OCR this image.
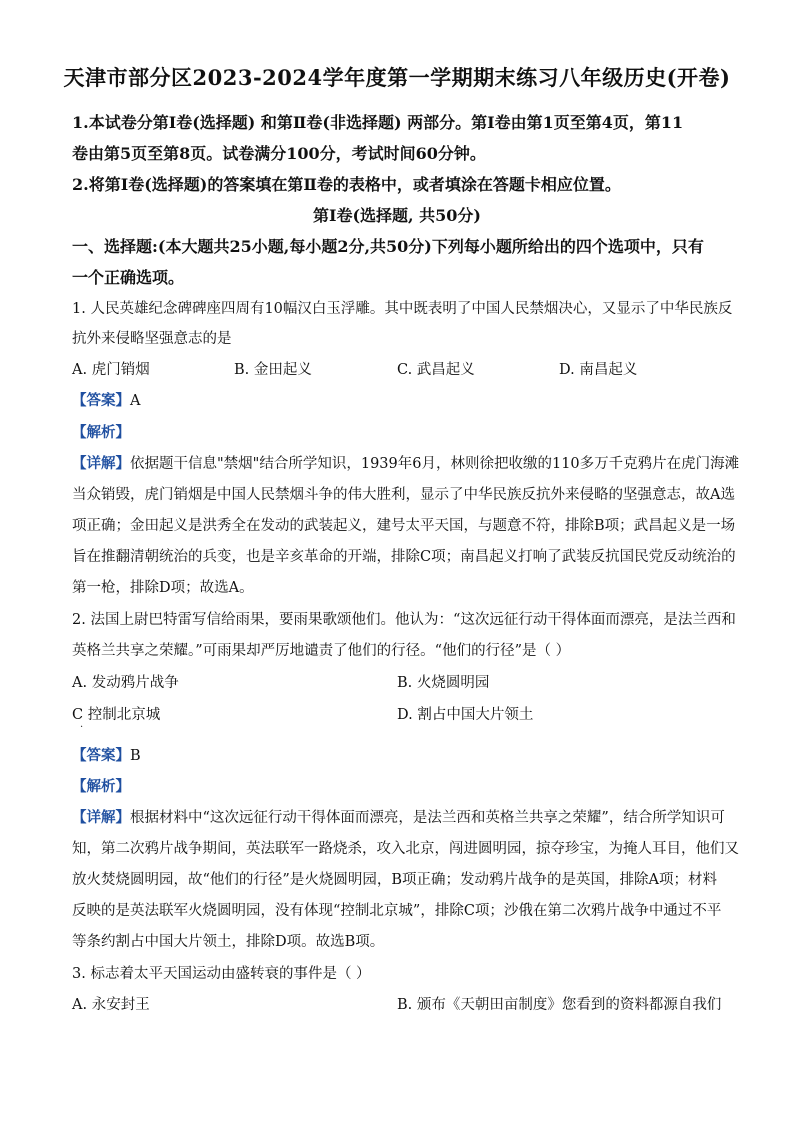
天津市部分区2023-2024学年度第一学期期末练习八年级历史(开卷)
1.本试卷分第Ⅰ卷(选择题) 和第Ⅱ卷(非选择题) 两部分。第Ⅰ卷由第1页至第4页，第11
卷由第5页至第8页。试卷满分100分，考试时间60分钟。
2.将第Ⅰ卷(选择题)的答案填在第Ⅱ卷的表格中，或者填涂在答题卡相应位置。
第Ⅰ卷(选择题, 共50分)
一、选择题:(本大题共25小题,每小题2分,共50分)下列每小题所给出的四个选项中，只有
一个正确选项。
1. 人民英雄纪念碑碑座四周有10幅汉白玉浮雕。其中既表明了中国人民禁烟决心，又显示了中华民族反
抗外来侵略坚强意志的是
A. 虎门销烟	B. 金田起义	C. 武昌起义	D. 南昌起义
【答案】A
【解析】
【详解】依据题干信息"禁烟"结合所学知识，1939年6月，林则徐把收缴的110多万千克鸦片在虎门海滩
当众销毁，虎门销烟是中国人民禁烟斗争的伟大胜利，显示了中华民族反抗外来侵略的坚强意志，故A选
项正确；金田起义是洪秀全在发动的武装起义，建号太平天国，与题意不符，排除B项；武昌起义是一场
旨在推翻清朝统治的兵变，也是辛亥革命的开端，排除C项；南昌起义打响了武装反抗国民党反动统治的
第一枪，排除D项；故选A。
2. 法国上尉巴特雷写信给雨果，要雨果歌颂他们。他认为：“这次远征行动干得体面而漂亮，是法兰西和
英格兰共享之荣耀。”可雨果却严厉地谴责了他们的行径。“他们的行径”是（ ）
A. 发动鸦片战争	B. 火烧圆明园
C 控制北京城	D. 割占中国大片领土
·
【答案】B
【解析】
【详解】根据材料中“这次远征行动干得体面而漂亮，是法兰西和英格兰共享之荣耀”，结合所学知识可
知，第二次鸦片战争期间，英法联军一路烧杀，攻入北京，闯进圆明园，掠夺珍宝，为掩人耳目，他们又
放火焚烧圆明园，故“他们的行径”是火烧圆明园，B项正确；发动鸦片战争的是英国，排除A项；材料
反映的是英法联军火烧圆明园，没有体现“控制北京城”，排除C项；沙俄在第二次鸦片战争中通过不平
等条约割占中国大片领土，排除D项。故选B项。
3. 标志着太平天国运动由盛转衰的事件是（ ）
A. 永安封王	B. 颁布《天朝田亩制度》您看到的资料都源自我们
